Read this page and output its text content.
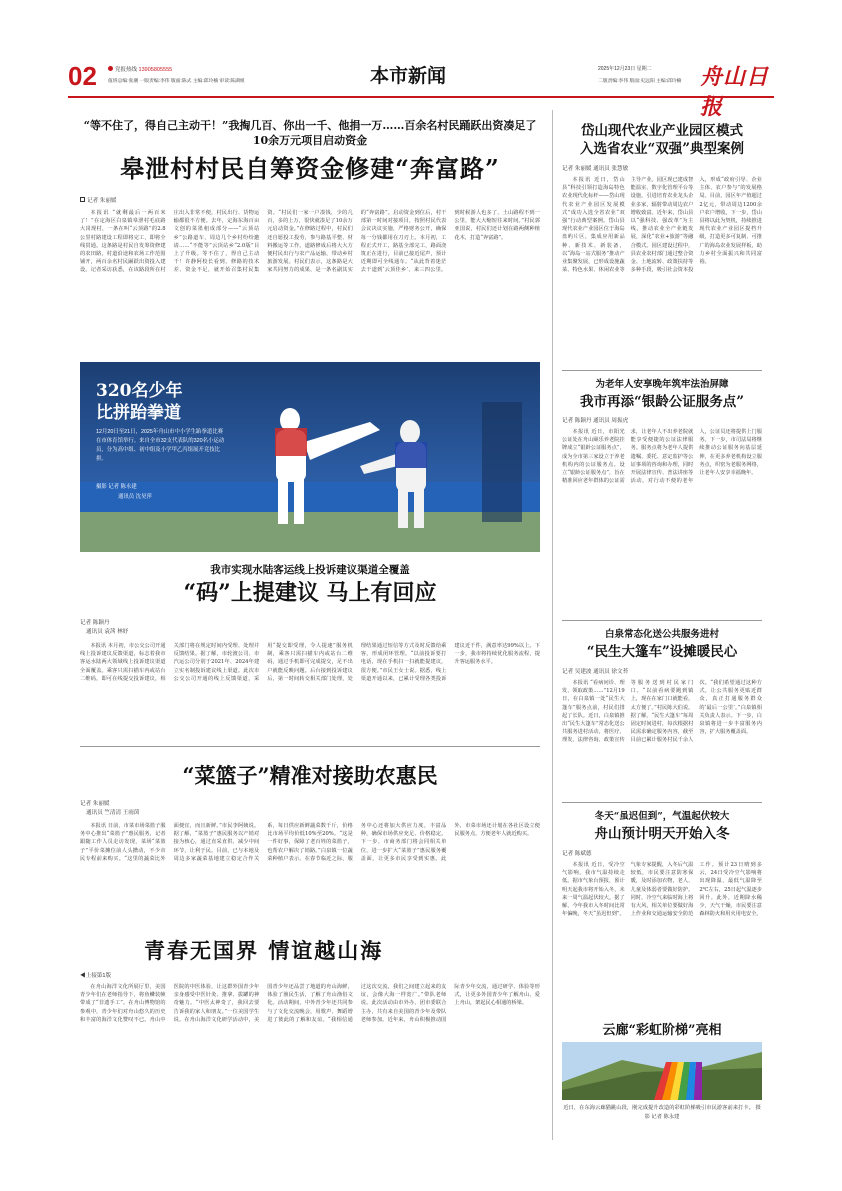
02	党报热线 13905805555
值班总编:张潮 一版责编:李伟 版面:陈式 主编:邱玲楠 审读:陈湖姐	本市新闻	2025年12月23日 星期二
二版责编:李伟 版面:史远阳 主编:邱玲楠 舟山日报
“等不住了，得自己主动干！”我掏几百、你出一千、他捐一万……百余名村民踊跃出资凑足了10余万元项目启动资金
皋泄村村民自筹资金修建“奔富路”
记者 朱丽媛

本报讯 “就剩最后一两百米了！”在定海区白泉镇皋泄村毛底路大岗现村，一条在叫“云顶路”的2.8公里村路建设工程即将完工，即将全线贯通。这条路是村民自发筹资修建的农田路，村道沿途和农场工作范围铺开，两百余名村民踊跃出资投入建设。记者采访获悉，在该路段所在村庄出入非常不便，村民出行、货物运输都很不方便。去年，定海东海百亩文创的菜墨租成部分——“云顶站乡”公路道车，周边几个乡村纷纷邀请……“不能等”云顶站乡“2.0版”目上了升级。等不住了，得自己主动干！许静阿校长看到，修路的技术差、资金不足，就开始召集村民集资。“村民们一家一户凑钱，少的几百，多的上万，很快就凑足了10余万元启动资金。”在修路过程中，村民们还自愿投工投劳，参与路基平整、材料搬运等工作。道路修成后将大大方便村民出行与农产品运输，带动乡村旅游发展。村民们表示，这条路是大家共同努力的成果，是一条名副其实的“奔富路”。启动资金到位后，村干部第一时间对接项目，按照村民代表会议决议实施，严格财务公开，确保每一分钱都用在刀刃上。本月初，工程正式开工，路基全部完工，路面浇筑正在进行，目前已接近尾声，预计近期即可全线通车。“从此背着迷茫去干道到‘云顶佳乡’，来三四公里。到时候游人也多了，土山路程不到一公里，能大大缩短往来时间。”村民郭亚国说，村民们还计划在路两侧种植花木，打造“奔富路”。

320名少年
比拼跆拳道
12月20日至21日，2025年舟山市中小学生跆拳道比赛在市体育馆举行。来自全市32支代表队的320名小运动员，分为高中组、初中组及小学甲乙丙组展开竞技比拼。
摄影 记者 陈永建
通讯员 沈昊萍
我市实现水陆客运线上投诉建议渠道全覆盖
“码”上提建议 马上有回应
记者 陈颖丹
通讯员 袁茜 林妤

本报讯 本月初，市公交公司开通线上投诉建议反馈渠道，标志着我市客运水陆两大领域线上投诉建议渠道全面覆盖。乘客只需扫描车内或站台二维码，即可在线提交投诉建议，相关部门将在规定时间内受理、处理并反馈结果。据了解，市轮渡公司、市汽运公司分别于2021年、2024年建立实名制投诉建议线上渠道。此次市公交公司开通的线上反馈渠道，采用“提交即受理，令人提速”服务机制，乘客只需扫描车内或站台二维码，通过手机即可完成提交，足不出户就能反映问题。后台接到投诉建议后，第一时间转交相关部门处理，处理结果通过短信等方式及时反馈给乘客，形成闭环管理。“以前投诉要打电话，现在手机扫一扫就能提建议，很方便。”市民王女士说。据悉，线上渠道开通以来，已累计受理各类投诉建议近千件，满意率达99%以上。下一步，我市将持续优化服务流程，提升客运服务水平。

“菜篮子”精准对接助农惠民
记者 朱丽媛
通讯员 竺清清 王雨茵

本报讯 日前，市菜市场菜篮子服务中心推出“菜篮子”惠民服务，记者跟随工作人员走访发现，菜场“菜篮子”平价菜摊位前人头攒动，不少市民专程前来购买。“这里的蔬菜比外面便宜，而且新鲜。”市民李阿姨说。据了解，“菜篮子”惠民服务以产销对接为核心，通过直采直供、减少中间环节，让利于民。目前，已与本地及周边多家蔬菜基地建立稳定合作关系，每日供应新鲜蔬菜数千斤，价格比市场平均价低10%至20%。“这是一件好事，保障了老百姓的菜篮子，也帮农户解决了销路。”白泉镇一位蔬菜种植户表示。在春节临近之际，服务中心还将加大供应力度，丰富品种，确保市场供应充足、价格稳定。下一步，市商务部门将会同相关单位，进一步扩大“菜篮子”惠民服务覆盖面，让更多市民享受到实惠。此外，市菜市场还计划在各社区设立便民服务点，方便老年人就近购买。

青春无国界 情谊越山海
◀上接第1版

在舟山海洋文化所展厅里，美国青少年们在老师指导下，将鱼鳞装帧带成了“非遗手工”。在舟山博物馆的参观中，青少年们对舟山悠久的历史和丰富的海洋文化赞叹不已。舟山中医院的中医体验，让这群外国青少年亲身感受中医针灸、推拿、拔罐的神奇魅力。“中医太神奇了，我回去要告诉我的家人和朋友。”一位美国学生说。在舟山海洋文化研学活动中，美国青少年还品尝了地道的舟山海鲜，体验了渔民生活，了解了舟山渔俗文化。活动期间，中外青少年还共同参与了文化交流晚会，用歌声、舞蹈增进了彼此的了解和友谊。“我相信通过这次交流，我们之间建立起来的友谊，会像大海一样宽广。”带队老师说。此次活动由市外办、团市委联合主办，共有来自美国的青少年及带队老师参加。近年来，舟山积极推动国际青少年交流，通过研学、体验等形式，让更多外国青少年了解舟山、爱上舟山，架起民心相通的桥梁。

岱山现代农业产业园区模式
入选省农业“双强”典型案例
记者 朱丽媛 通讯员 张慧敏

本报讯 近日，岱山县“科技引领打造海岛特色农业现代化标杆——岱山现代农业产业园区发展模式”成功入选全省农业“双强”行动典型案例。岱山县现代农业产业园区位于海岛盘屿片区，集成应用新品种、新技术、新装备，以“海岛一站式服务”推动产业集聚发展，已形成设施蔬菜、特色水果、休闲农业等主导产业。园区现已建成智能温室、数字化管理平台等设施，引进培育农业龙头企业多家，辐射带动周边农户增收致富。近年来，岱山县以“强科技、强改革”为主线，推动农业全产业链发展，深化“农业+旅游”等融合模式。园区建设过程中，县农业农村部门通过整合资金、土地流转、政策扶持等多种手段，吸引社会资本投入，形成“政府引导、企业主体、农户参与”的发展格局。目前，园区年产值超过2亿元，带动周边1200余户农户增收。下一步，岱山县将以此为契机，持续推进现代农业产业园区提档升级，打造更多可复制、可推广的海岛农业发展样板，助力乡村全面振兴和共同富裕。

为老年人安享晚年筑牢法治屏障
我市再添“银龄公证服务点”
记者 陈颖丹 通讯员 周振虎

本报讯 近日，市阳光公证处在舟山颐乐养老院挂牌成立“银龄公证服务点”，成为全市第三家设立于养老机构内的公证服务点。设立“银龄公证服务点”，旨在精准回应老年群体的公证需求，让老年人不出养老院就能享受便捷的公证法律服务。服务点将为老年人提供遗嘱、委托、意定监护等公证事项的咨询和办理，同时开展法律宣传、普法讲座等活动。对行动不便的老年人，公证员还将提供上门服务。下一步，市司法局将继续推动公证服务向基层延伸，在更多养老机构设立服务点，织密为老服务网络，让老年人安享幸福晚年。

白泉常态化送公共服务进村
“民生大篷车”设摊暖民心
记者 吴建波 通讯员 徐文苔

本报讯 “看病问诊、理发、领取政策……”12月19日，在白泉镇一处“民生大篷车”服务点前，村民们排起了长队。近日，白泉镇推出“民生大篷车”常态化送公共服务进村活动，将医疗、理发、法律咨询、政策宣传等服务送到村民家门口。“以前看病要跑到镇上，现在在家门口就能看，太方便了。”村民陈大伯说。据了解，“民生大篷车”每周固定时间进村，每次根据村民需求确定服务内容，截至目前已累计服务村民千余人次。“我们希望通过这种方式，让公共服务更贴近群众，真正打通服务群众的‘最后一公里’。”白泉镇相关负责人表示。下一步，白泉镇将进一步丰富服务内容，扩大服务覆盖面。

冬天“虽迟但到”，气温起伏较大
舟山预计明天开始入冬
记者 陈斌德

本报讯 近日，受冷空气影响，我市气温持续走低。据市气象台预报，预计明天起我市将开始入冬，未来一周气温起伏较大。据了解，今年我市入冬时间比常年偏晚，冬天“虽迟但到”。气象专家提醒，入冬后气温较低，市民要注意防寒保暖，及时添加衣物，老人、儿童及体弱者要做好防护。同时，冷空气来临时海上将有大风，相关单位要做好海上作业和交通运输安全防范工作。预计23日晴到多云，24日受冷空气影响将出现降温，最低气温降至2℃左右，25日起气温逐步回升。此外，近期降水稀少，天气干燥，市民要注意森林防火和用火用电安全。

云廊“彩虹阶梯”亮相
近日，在东海云廊猫跳山段，刚完成提升改造的彩虹阶梯吸引市民游客前来打卡。 摄影 记者 陈永建
